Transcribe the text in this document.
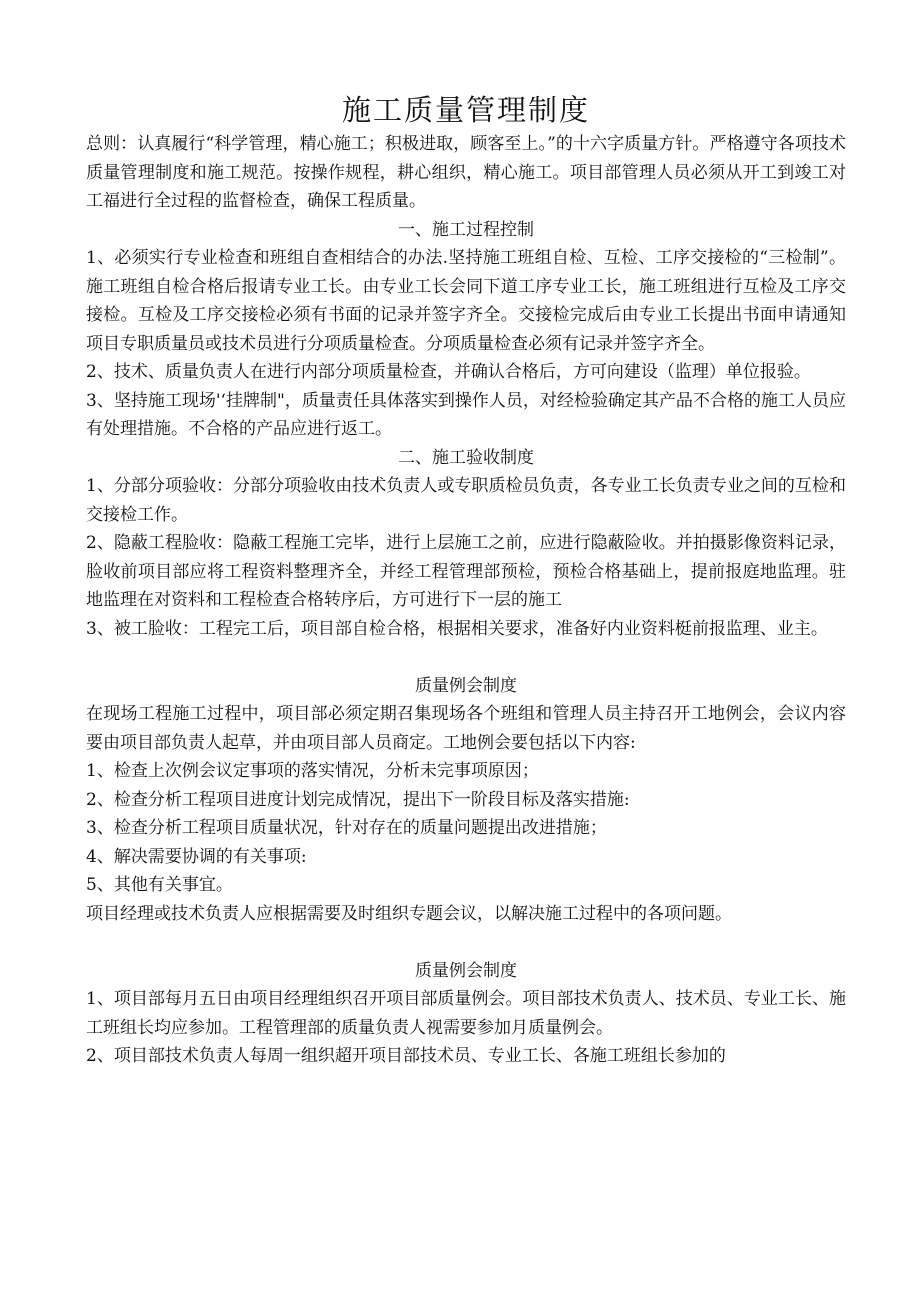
施工质量管理制度

总则：认真履行“科学管理，精心施工；积极进取，顾客至上。”的十六字质量方针。严格遵守各项技术质量管理制度和施工规范。按操作规程，耕心组织，精心施工。项目部管理人员必须从开工到竣工对工福进行全过程的监督检查，确保工程质量。

一、施工过程控制

1、必须实行专业检查和班组自查相结合的办法.坚持施工班组自检、互检、工序交接检的“三检制”。施工班组自检合格后报请专业工长。由专业工长会同下道工序专业工长，施工班组进行互检及工序交接检。互检及工序交接检必须有书面的记录并签字齐全。交接检完成后由专业工长提出书面申请通知项目专职质量员或技术员进行分项质量检查。分项质量检查必须有记录并签字齐全。

2、技术、质量负责人在进行内部分项质量检查，并确认合格后，方可向建设（监理）单位报验。

3、坚持施工现场'‘挂牌制"，质量责任具体落实到操作人员，对经检验确定其产品不合格的施工人员应有处理措施。不合格的产品应进行返工。

二、施工验收制度

1、分部分项验收：分部分项验收由技术负责人或专职质检员负责，各专业工长负责专业之间的互检和交接检工作。

2、隐蔽工程脸收：隐蔽工程施工完毕，进行上层施工之前，应进行隐蔽险收。并拍摄影像资料记录，脸收前项目部应将工程资料整理齐全，并经工程管理部预检，预检合格基础上，提前报庭地监理。驻地监理在对资料和工程检查合格转序后，方可进行下一层的施工

3、被工脸收：工程完工后，项目部自检合格，根据相关要求，准备好内业资料梃前报监理、业主。

质量例会制度

在现场工程施工过程中，项目部必须定期召集现场各个班组和管理人员主持召开工地例会，会议内容要由项目部负责人起草，并由项目部人员商定。工地例会要包括以下内容:

1、检查上次例会议定事项的落实情况，分析未完事项原因；

2、检查分析工程项目进度计划完成情况，提出下一阶段目标及落实措施:

3、检查分析工程项目质量状况，针对存在的质量问题提出改进措施；

4、解决需要协调的有关事项:

5、其他有关事宜。

项目经理或技术负责人应根据需要及时组织专题会议，以解决施工过程中的各项问题。

质量例会制度

1、项目部每月五日由项目经理组织召开项目部质量例会。项目部技术负责人、技术员、专业工长、施工班组长均应参加。工程管理部的质量负责人视需要参加月质量例会。

2、项目部技术负责人每周一组织超开项目部技术员、专业工长、各施工班组长参加的
